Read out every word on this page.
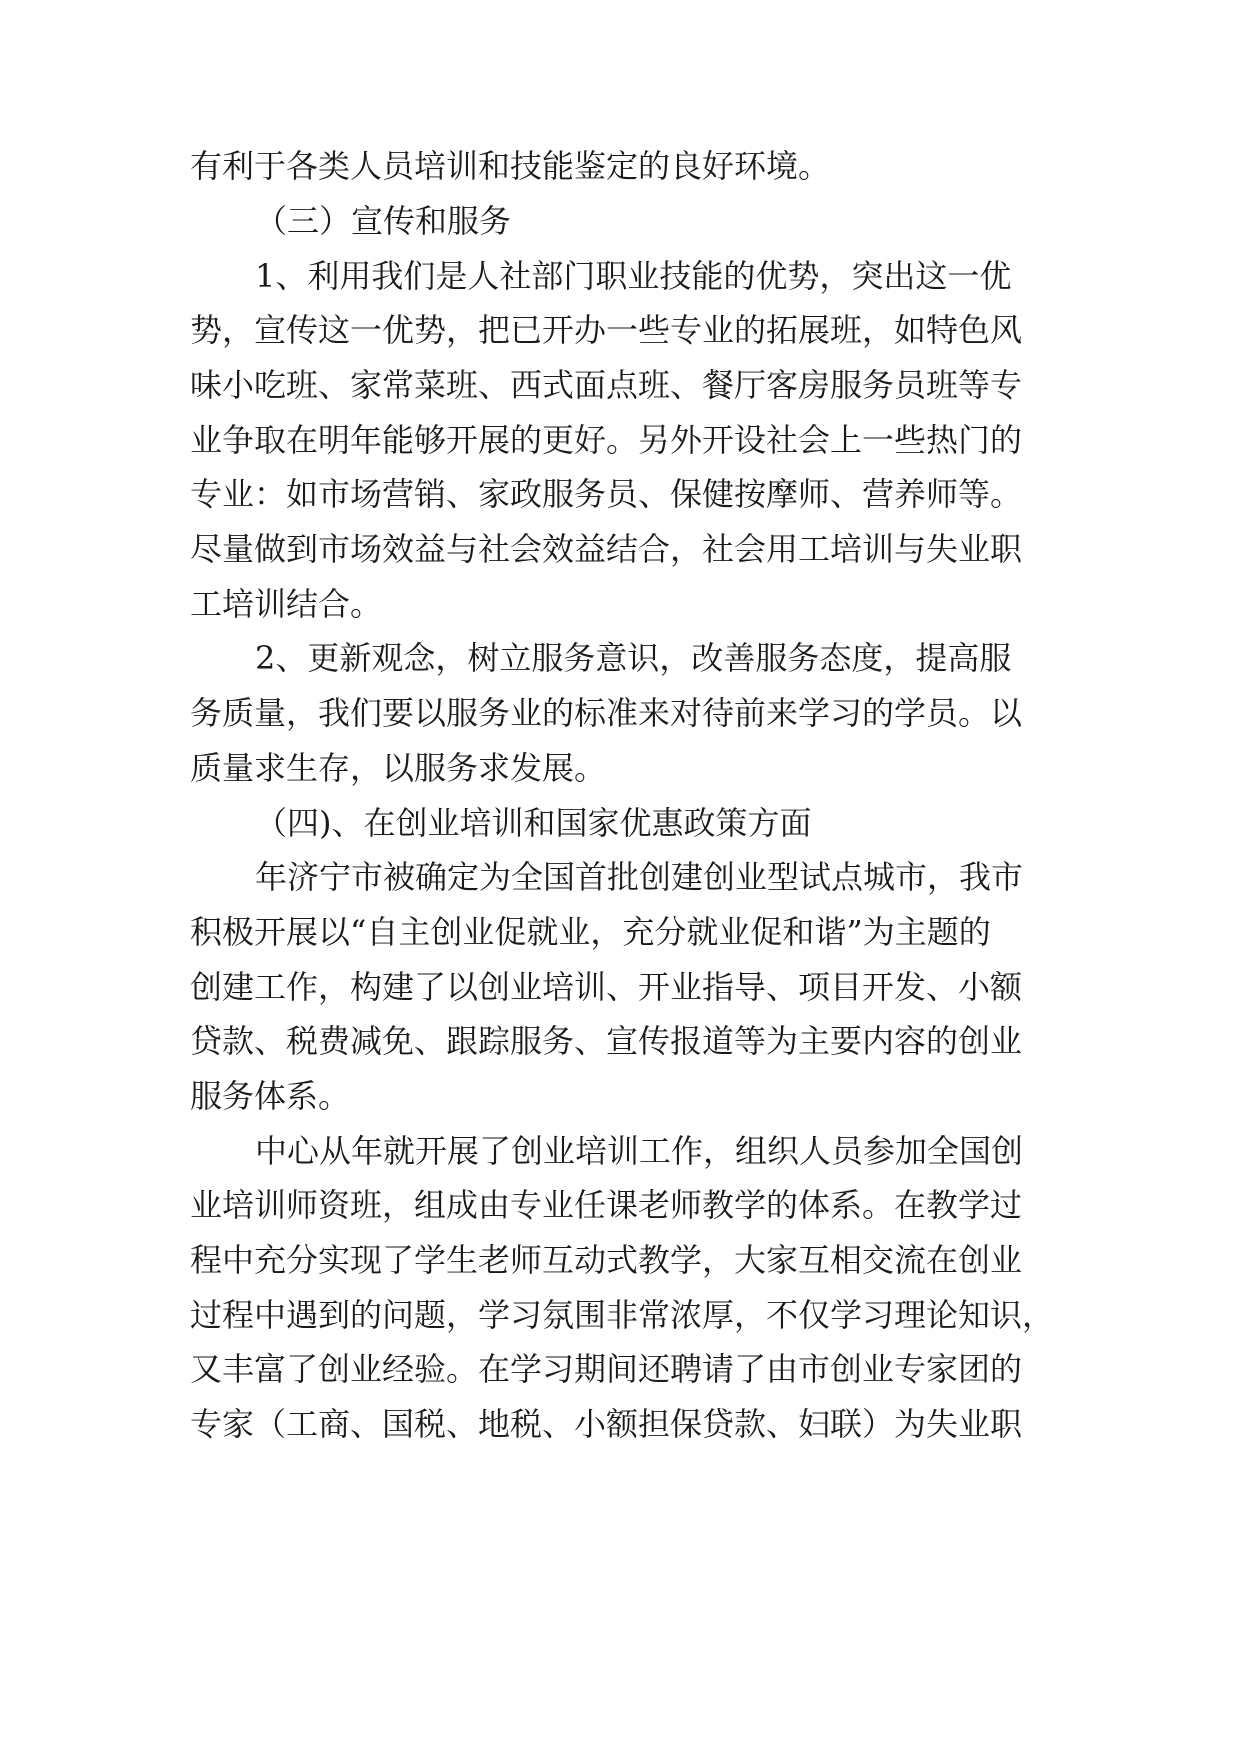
有利于各类人员培训和技能鉴定的良好环境。
（三）宣传和服务
1、利用我们是人社部门职业技能的优势，突出这一优
势，宣传这一优势，把已开办一些专业的拓展班，如特色风
味小吃班、家常菜班、西式面点班、餐厅客房服务员班等专
业争取在明年能够开展的更好。另外开设社会上一些热门的
专业：如市场营销、家政服务员、保健按摩师、营养师等。
尽量做到市场效益与社会效益结合，社会用工培训与失业职
工培训结合。
2、更新观念，树立服务意识，改善服务态度，提高服
务质量，我们要以服务业的标准来对待前来学习的学员。以
质量求生存，以服务求发展。
（四)、在创业培训和国家优惠政策方面
年济宁市被确定为全国首批创建创业型试点城市，我市
积极开展以“自主创业促就业，充分就业促和谐”为主题的
创建工作，构建了以创业培训、开业指导、项目开发、小额
贷款、税费减免、跟踪服务、宣传报道等为主要内容的创业
服务体系。
中心从年就开展了创业培训工作，组织人员参加全国创
业培训师资班，组成由专业任课老师教学的体系。在教学过
程中充分实现了学生老师互动式教学，大家互相交流在创业
过程中遇到的问题，学习氛围非常浓厚，不仅学习理论知识，
又丰富了创业经验。在学习期间还聘请了由市创业专家团的
专家（工商、国税、地税、小额担保贷款、妇联）为失业职
